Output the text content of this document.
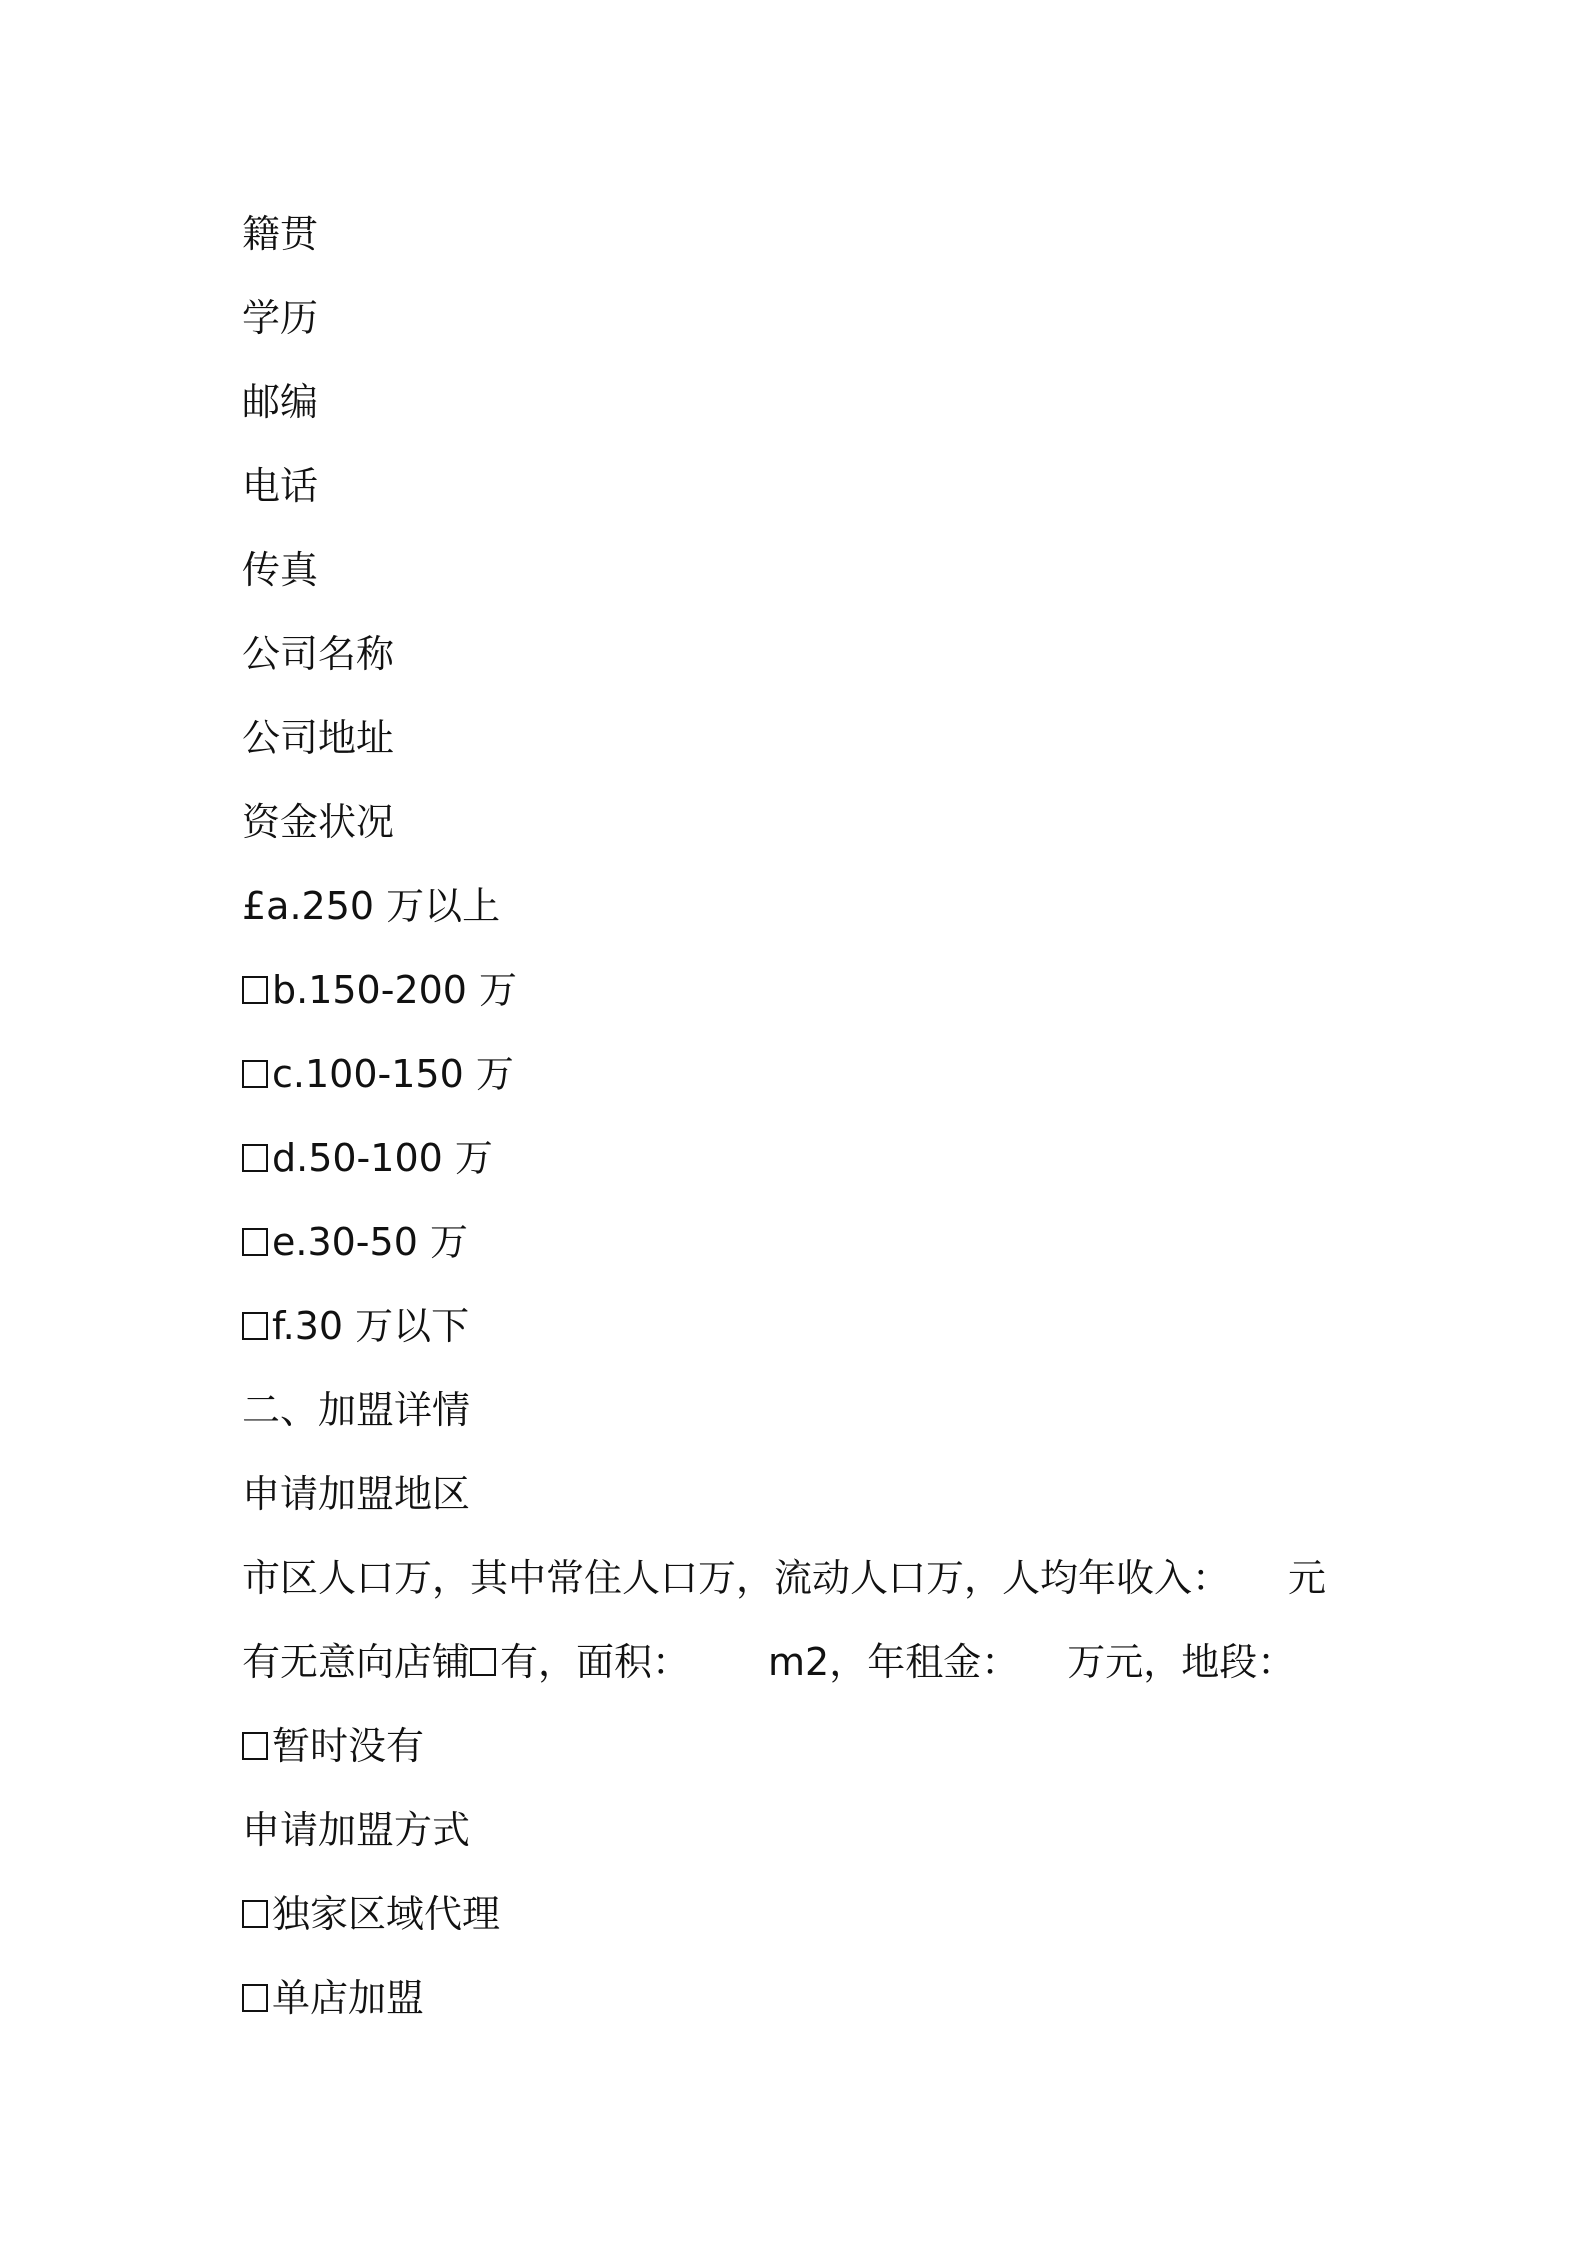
籍贯
学历
邮编
电话
传真
公司名称
公司地址
资金状况
£a.250 万以上
b.150-200 万
c.100-150 万
d.50-100 万
e.30-50 万
f.30 万以下
二、加盟详情
申请加盟地区
市区人口万，其中常住人口万，流动人口万，人均年收入： 元
有无意向店铺 有，面积： m2，年租金： 万元，地段：
暂时没有
申请加盟方式
独家区域代理
单店加盟
